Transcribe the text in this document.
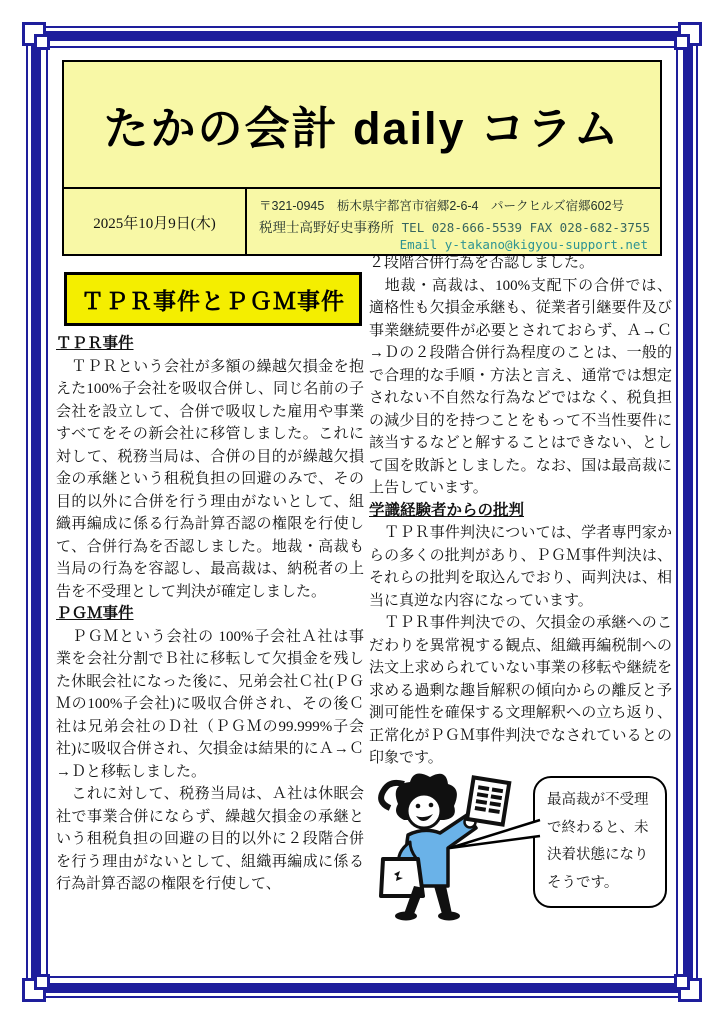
たかの会計 daily コラム
2025年10月9日(木)
〒321-0945　栃木県宇都宮市宿郷2-6-4　パークヒルズ宿郷602号
税理士高野好史事務所 TEL 028-666-5539 FAX 028-682-3755
Email y-takano@kigyou-support.net
ＴＰＲ事件とＰＧＭ事件
ＴＰＲ事件

　ＴＰＲという会社が多額の繰越欠損金を抱えた100%子会社を吸収合併し、同じ名前の子会社を設立して、合併で吸収した雇用や事業すべてをその新会社に移管しました。これに対して、税務当局は、合併の目的が繰越欠損金の承継という租税負担の回避のみで、その目的以外に合併を行う理由がないとして、組織再編成に係る行為計算否認の権限を行使して、合併行為を否認しました。地裁・高裁も当局の行為を容認し、最高裁は、納税者の上告を不受理として判決が確定しました。

ＰＧＭ事件

　ＰＧＭという会社の 100%子会社Ａ社は事業を会社分割でＢ社に移転して欠損金を残した休眠会社になった後に、兄弟会社Ｃ社(ＰＧＭの100%子会社)に吸収合併され、その後Ｃ社は兄弟会社のＤ社（ＰＧＭの99.999%子会社)に吸収合併され、欠損金は結果的にＡ→Ｃ→Ｄと移転しました。

　これに対して、税務当局は、Ａ社は休眠会社で事業合併にならず、繰越欠損金の承継という租税負担の回避の目的以外に２段階合併を行う理由がないとして、組織再編成に係る行為計算否認の権限を行使して、

２段階合併行為を否認しました。

　地裁・高裁は、100%支配下の合併では、適格性も欠損金承継も、従業者引継要件及び事業継続要件が必要とされておらず、Ａ→Ｃ→Ｄの２段階合併行為程度のことは、一般的で合理的な手順・方法と言え、通常では想定されない不自然な行為などではなく、税負担の減少目的を持つことをもって不当性要件に該当するなどと解することはできない、として国を敗訴としました。なお、国は最高裁に上告しています。

学識経験者からの批判

　ＴＰＲ事件判決については、学者専門家からの多くの批判があり、ＰＧＭ事件判決は、それらの批判を取込んでおり、両判決は、相当に真逆な内容になっています。

　ＴＰＲ事件判決での、欠損金の承継へのこだわりを異常視する観点、組織再編税制への法文上求められていない事業の移転や継続を求める過剰な趣旨解釈の傾向からの離反と予測可能性を確保する文理解釈への立ち返り、正常化がＰＧＭ事件判決でなされているとの印象です。

最高裁が不受理で終わると、未決着状態になりそうです。
